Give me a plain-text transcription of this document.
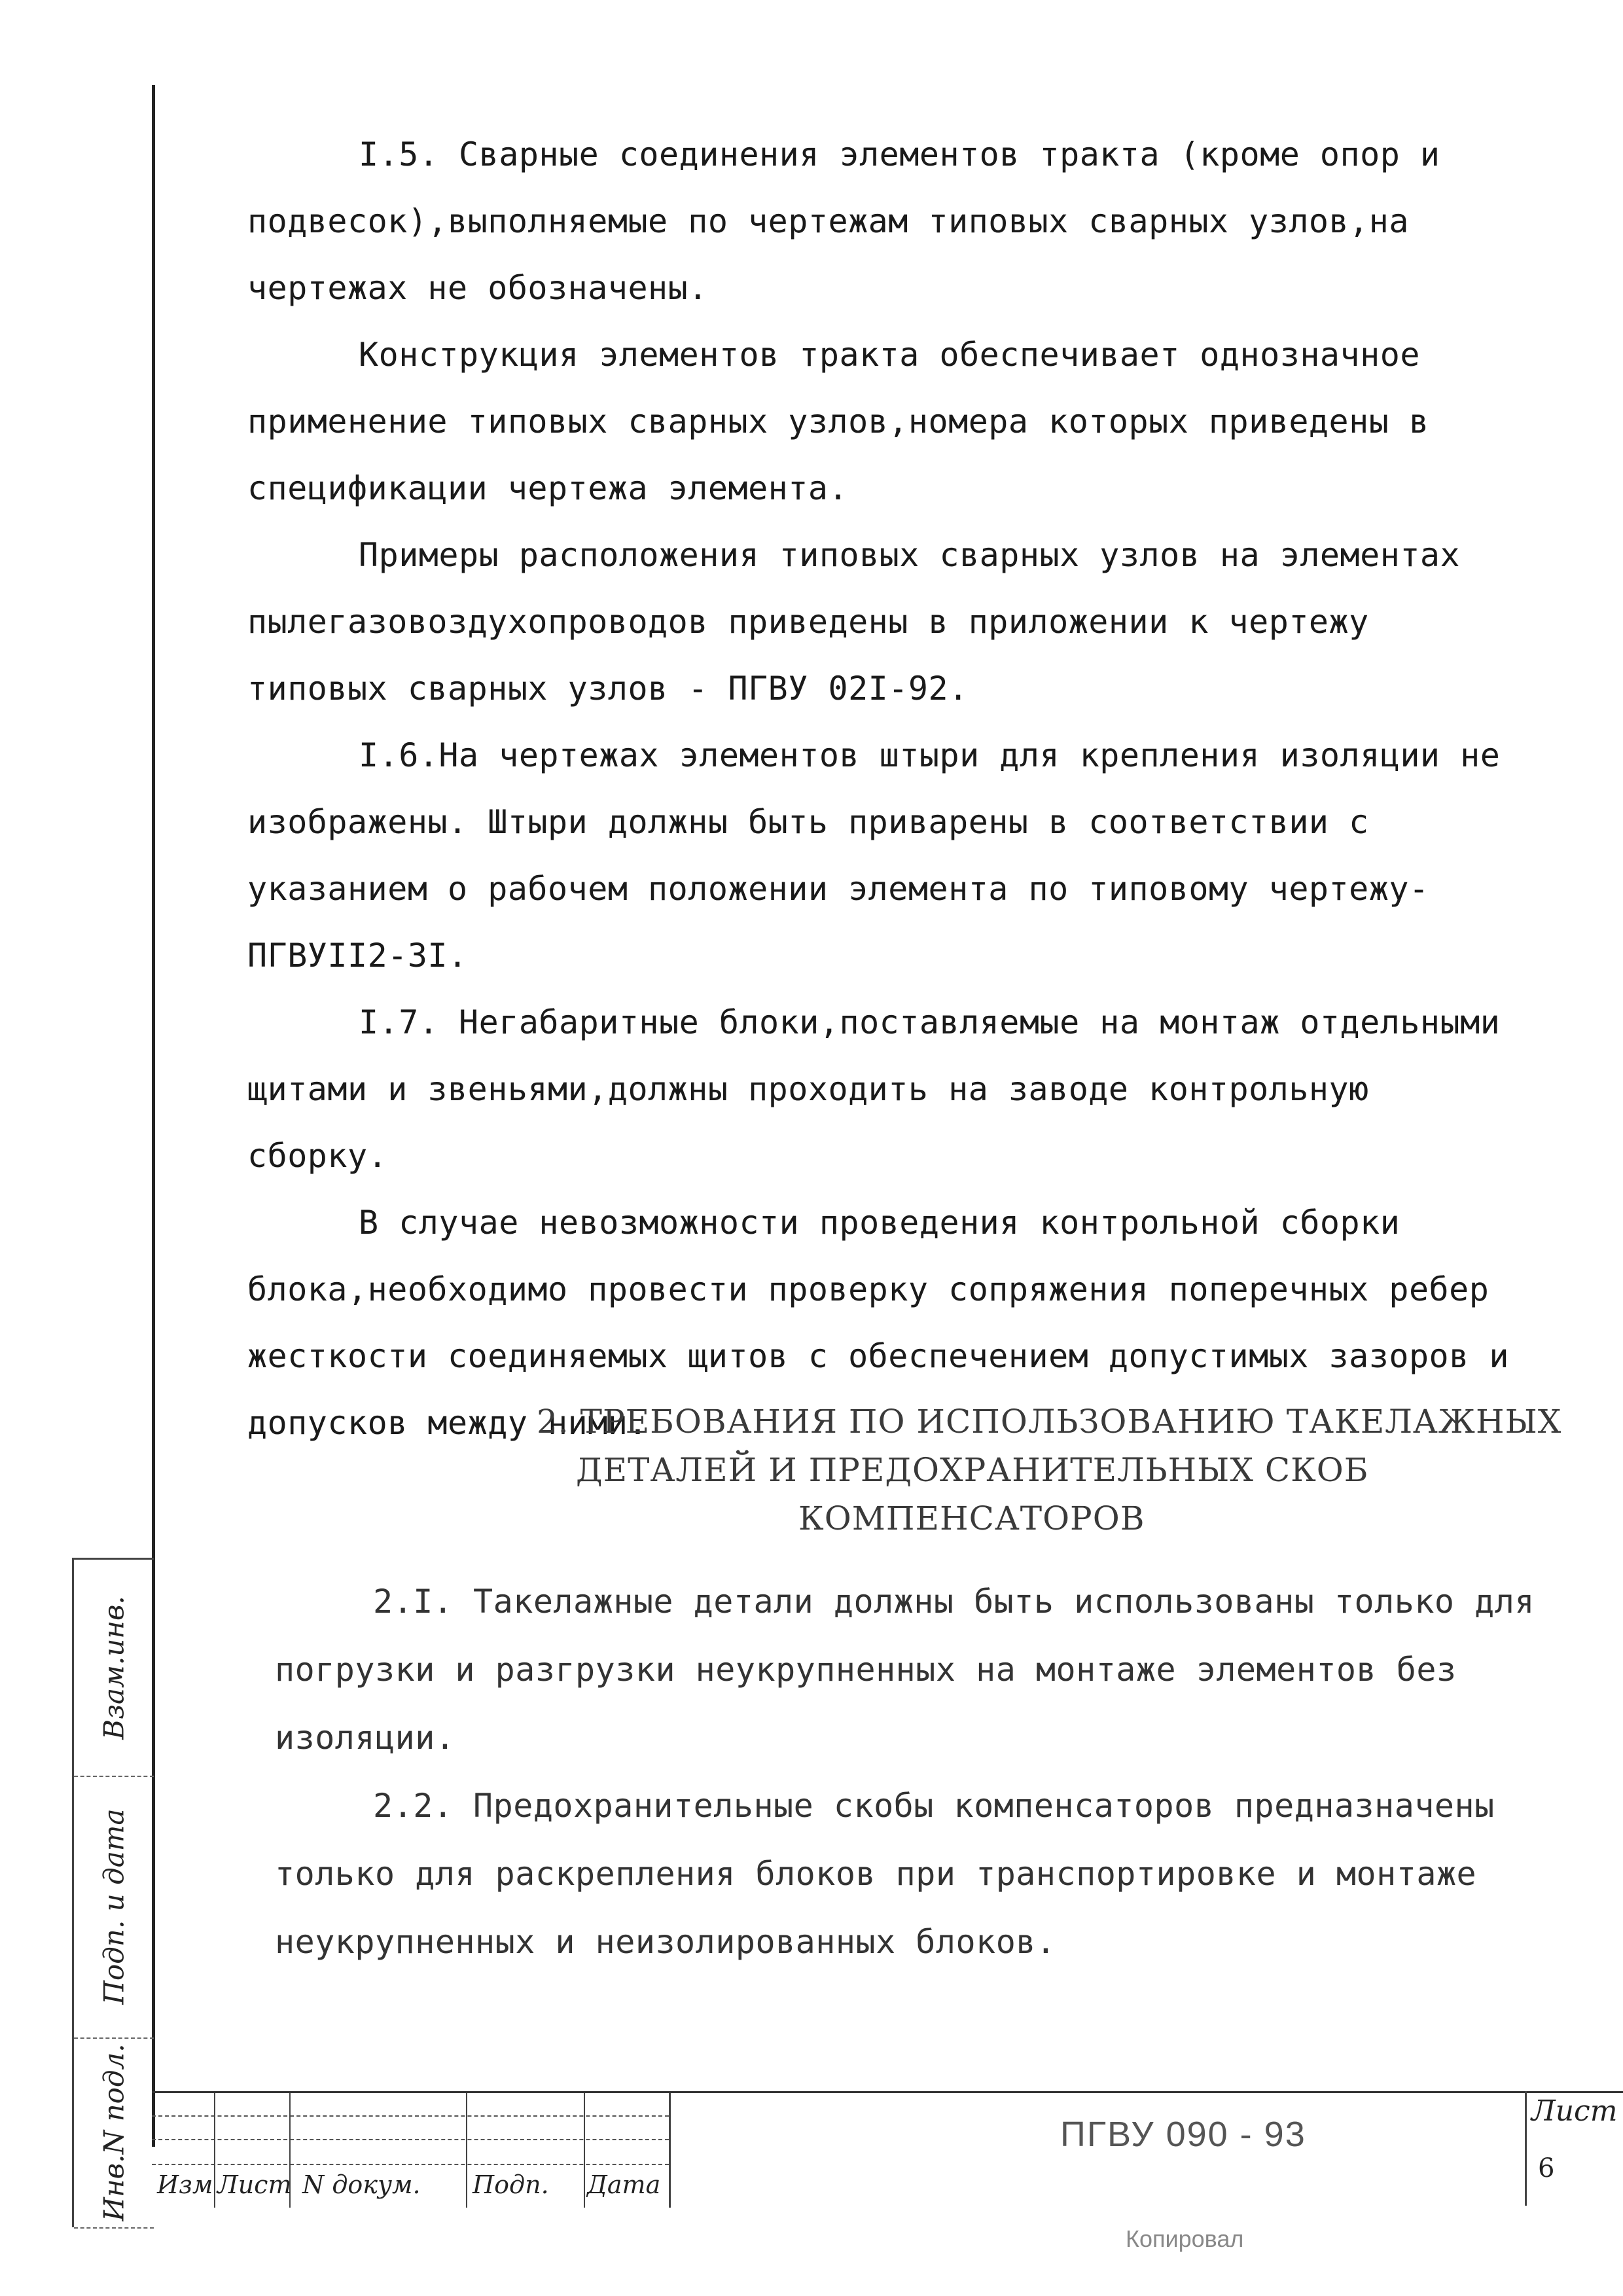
I.5. Сварные соединения элементов тракта (кроме опор и подвесок),выполняемые по чертежам типовых сварных узлов,на чертежах не обозначены.

Конструкция элементов тракта обеспечивает однозначное применение типовых сварных узлов,номера которых приведены в спецификации чертежа элемента.

Примеры расположения типовых сварных узлов на элементах пылегазовоздухопроводов приведены в приложении к чертежу типовых сварных узлов - ПГВУ 02I-92.

I.6.На чертежах элементов штыри для крепления изоляции не изображены. Штыри должны быть приварены в соответствии с указанием о рабочем положении элемента по типовому чертежу-ПГВУII2-3I.

I.7. Негабаритные блоки,поставляемые на монтаж отдельными щитами и звеньями,должны проходить на заводе контрольную сборку.

В случае невозможности проведения контрольной сборки блока,необходимо провести проверку сопряжения поперечных ребер жесткости соединяемых щитов с обеспечением допустимых зазоров и допусков между ними.

2. ТРЕБОВАНИЯ ПО ИСПОЛЬЗОВАНИЮ ТАКЕЛАЖНЫХ
ДЕТАЛЕЙ И ПРЕДОХРАНИТЕЛЬНЫХ СКОБ
КОМПЕНСАТОРОВ

2.I. Такелажные детали должны быть использованы только для погрузки и разгрузки неукрупненных на монтаже элементов без изоляции.

2.2. Предохранительные скобы компенсаторов предназначены только для раскрепления блоков при транспортировке и монтаже неукрупненных и неизолированных блоков.

Взам.инв.
Подп. и дата
Инв.N подл. Изм Лист N докум. Подп. Дата
ПГВУ 090 - 93
Лист
6
Копировал
